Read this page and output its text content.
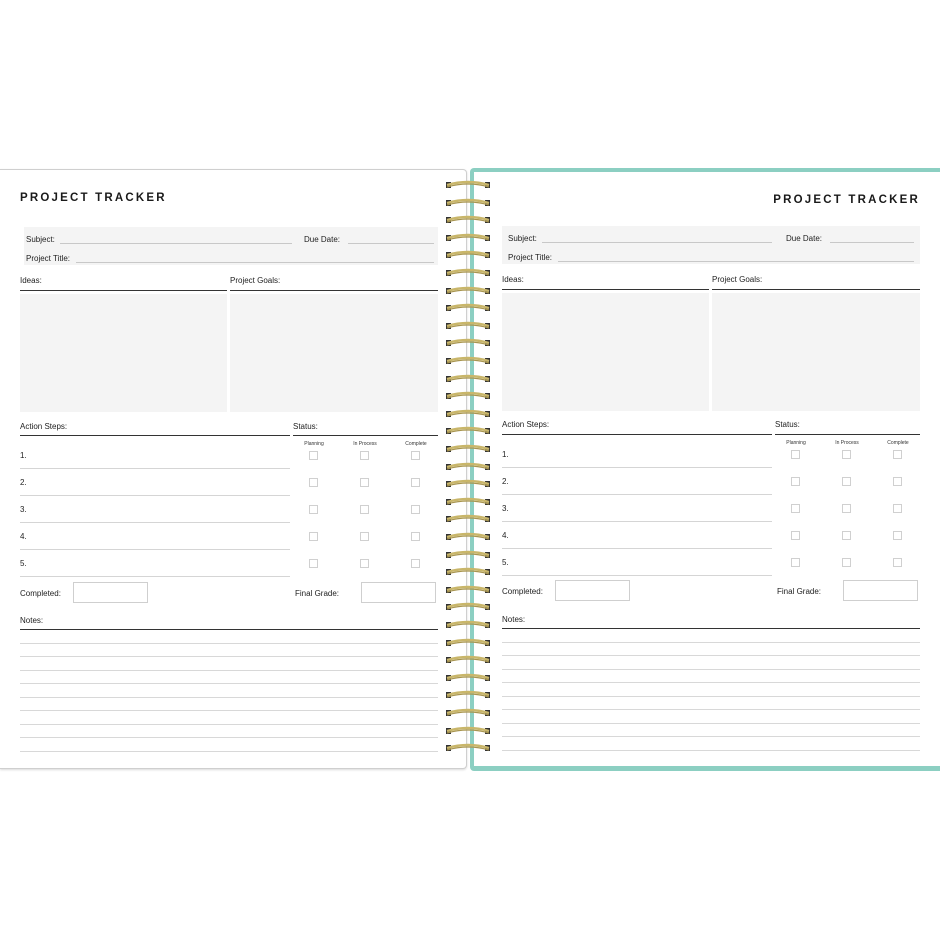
PROJECT TRACKER
Subject:	Due Date:
Project Title:
Ideas:	Project Goals:
Action Steps:	Status:
Planning	In Process	Complete
1.
2.
3.
4.
5.
Completed:	Final Grade:
Notes:
PROJECT TRACKER
Subject:	Due Date:
Project Title:
Ideas:	Project Goals:
Action Steps:	Status:
Planning	In Process	Complete
1.
2.
3.
4.
5.
Completed:	Final Grade:
Notes:
